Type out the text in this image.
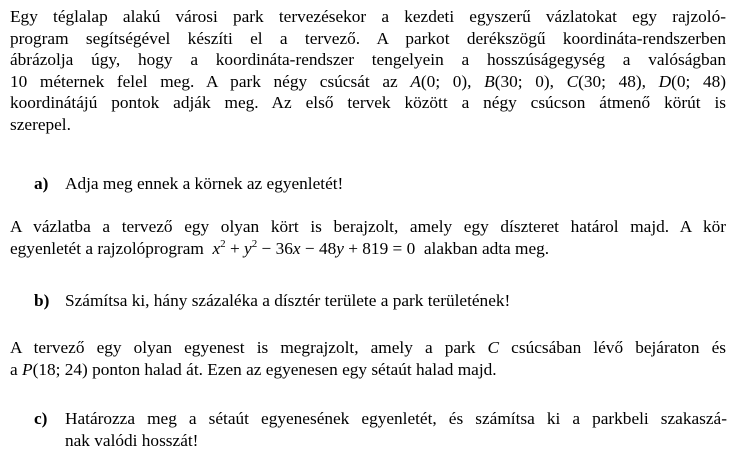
Egy téglalap alakú városi park tervezésekor a kezdeti egyszerű vázlatokat egy rajzoló-
program segítségével készíti el a tervező. A parkot derékszögű koordináta-rendszerben
ábrázolja úgy, hogy a koordináta-rendszer tengelyein a hosszúságegység a valóságban
10 méternek felel meg. A park négy csúcsát az A(0; 0), B(30; 0), C(30; 48), D(0; 48)
koordinátájú pontok adják meg. Az első tervek között a négy csúcson átmenő körút is
szerepel.
a) Adja meg ennek a körnek az egyenletét!
A vázlatba a tervező egy olyan kört is berajzolt, amely egy díszteret határol majd. A kör
egyenletét a rajzolóprogram $x^2 + y^2 - 36x - 48y + 819 = 0$ alakban adta meg.
b) Számítsa ki, hány százaléka a dísztér területe a park területének!
A tervező egy olyan egyenest is megrajzolt, amely a park C csúcsában lévő bejáraton és
a P(18; 24) ponton halad át. Ezen az egyenesen egy sétaút halad majd.
c) Határozza meg a sétaút egyenesének egyenletét, és számítsa ki a parkbeli szakaszá-
nak valódi hosszát!
